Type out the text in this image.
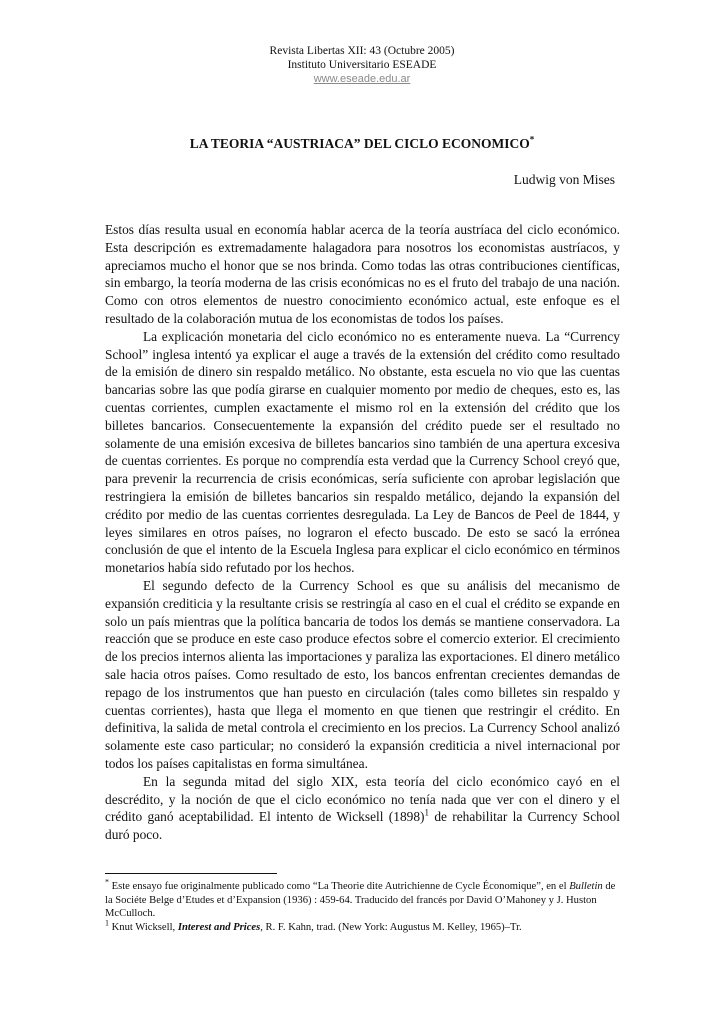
Revista Libertas XII: 43 (Octubre 2005)
Instituto Universitario ESEADE
www.eseade.edu.ar
LA TEORIA “AUSTRIACA” DEL CICLO ECONOMICO*
Ludwig von Mises

Estos días resulta usual en economía hablar acerca de la teoría austríaca del ciclo económico. Esta descripción es extremadamente halagadora para nosotros los economistas austríacos, y apreciamos mucho el honor que se nos brinda. Como todas las otras contribuciones científicas, sin embargo, la teoría moderna de las crisis económicas no es el fruto del trabajo de una nación. Como con otros elementos de nuestro conocimiento económico actual, este enfoque es el resultado de la colaboración mutua de los economistas de todos los países.

La explicación monetaria del ciclo económico no es enteramente nueva. La “Currency School” inglesa intentó ya explicar el auge a través de la extensión del crédito como resultado de la emisión de dinero sin respaldo metálico. No obstante, esta escuela no vio que las cuentas bancarias sobre las que podía girarse en cualquier momento por medio de cheques, esto es, las cuentas corrientes, cumplen exactamente el mismo rol en la extensión del crédito que los billetes bancarios. Consecuentemente la expansión del crédito puede ser el resultado no solamente de una emisión excesiva de billetes bancarios sino también de una apertura excesiva de cuentas corrientes. Es porque no comprendía esta verdad que la Currency School creyó que, para prevenir la recurrencia de crisis económicas, sería suficiente con aprobar legislación que restringiera la emisión de billetes bancarios sin respaldo metálico, dejando la expansión del crédito por medio de las cuentas corrientes desregulada. La Ley de Bancos de Peel de 1844, y leyes similares en otros países, no lograron el efecto buscado. De esto se sacó la errónea conclusión de que el intento de la Escuela Inglesa para explicar el ciclo económico en términos monetarios había sido refutado por los hechos.

El segundo defecto de la Currency School es que su análisis del mecanismo de expansión crediticia y la resultante crisis se restringía al caso en el cual el crédito se expande en solo un país mientras que la política bancaria de todos los demás se mantiene conservadora. La reacción que se produce en este caso produce efectos sobre el comercio exterior. El crecimiento de los precios internos alienta las importaciones y paraliza las exportaciones. El dinero metálico sale hacia otros países. Como resultado de esto, los bancos enfrentan crecientes demandas de repago de los instrumentos que han puesto en circulación (tales como billetes sin respaldo y cuentas corrientes), hasta que llega el momento en que tienen que restringir el crédito. En definitiva, la salida de metal controla el crecimiento en los precios. La Currency School analizó solamente este caso particular; no consideró la expansión crediticia a nivel internacional por todos los países capitalistas en forma simultánea.

En la segunda mitad del siglo XIX, esta teoría del ciclo económico cayó en el descrédito, y la noción de que el ciclo económico no tenía nada que ver con el dinero y el crédito ganó aceptabilidad. El intento de Wicksell $(1898)^1$ de rehabilitar la Currency School duró poco.

* Este ensayo fue originalmente publicado como “La Theorie dite Autrichienne de Cycle Économique”, en el Bulletin de la Sociéte Belge d’Etudes et d’Expansion (1936) : 459-64. Traducido del francés por David O’Mahoney y J. Huston McCulloch.

$^1$ Knut Wicksell, Interest and Prices, R. F. Kahn, trad. (New York: Augustus M. Kelley, 1965)–Tr.
